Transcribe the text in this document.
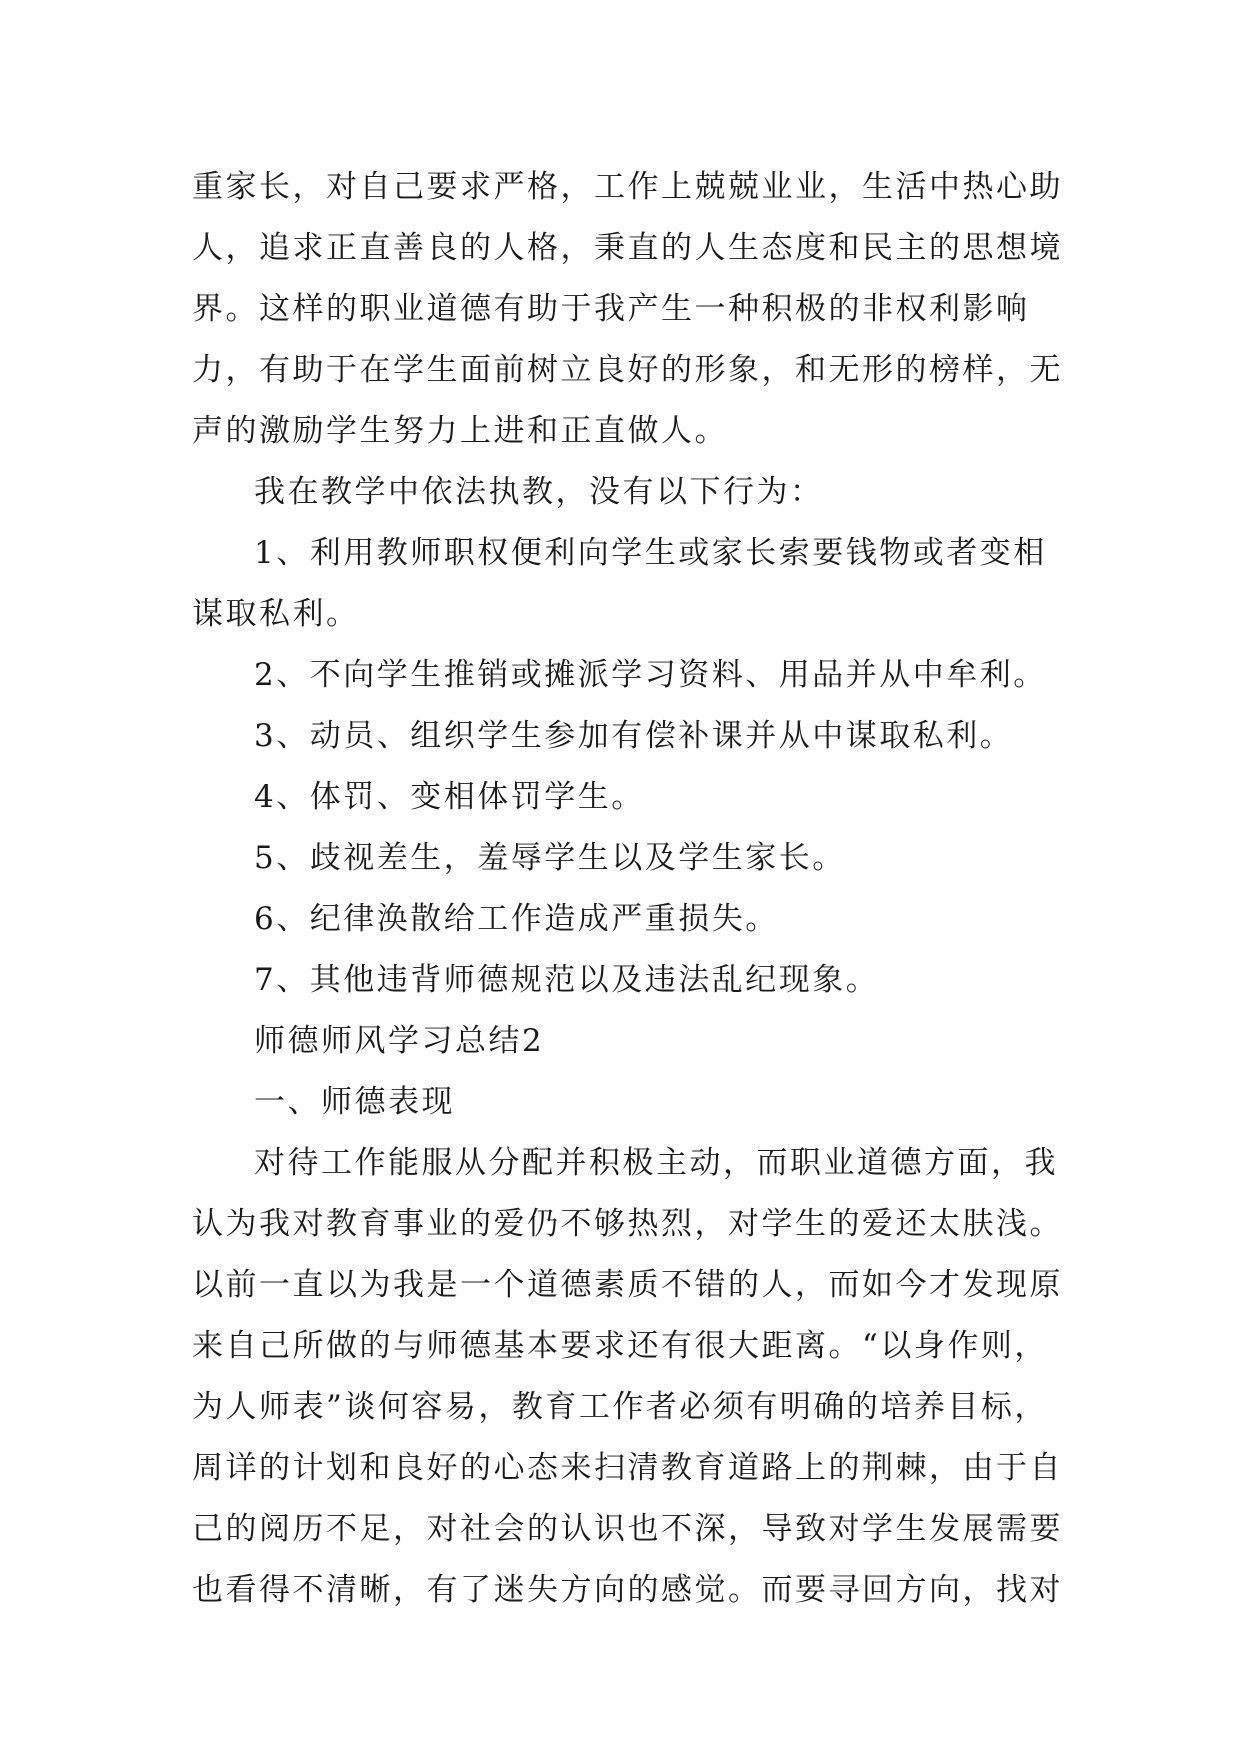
重家长，对自己要求严格，工作上兢兢业业，生活中热心助人，追求正直善良的人格，秉直的人生态度和民主的思想境界。这样的职业道德有助于我产生一种积极的非权利影响力，有助于在学生面前树立良好的形象，和无形的榜样，无声的激励学生努力上进和正直做人。

我在教学中依法执教，没有以下行为：

1、利用教师职权便利向学生或家长索要钱物或者变相谋取私利。

2、不向学生推销或摊派学习资料、用品并从中牟利。

3、动员、组织学生参加有偿补课并从中谋取私利。

4、体罚、变相体罚学生。

5、歧视差生，羞辱学生以及学生家长。

6、纪律涣散给工作造成严重损失。

7、其他违背师德规范以及违法乱纪现象。

师德师风学习总结2

一、师德表现

对待工作能服从分配并积极主动，而职业道德方面，我认为我对教育事业的爱仍不够热烈，对学生的爱还太肤浅。以前一直以为我是一个道德素质不错的人，而如今才发现原来自己所做的与师德基本要求还有很大距离。“以身作则，为人师表”谈何容易，教育工作者必须有明确的培养目标，周详的计划和良好的心态来扫清教育道路上的荆棘，由于自己的阅历不足，对社会的认识也不深，导致对学生发展需要也看得不清晰，有了迷失方向的感觉。而要寻回方向，找对
